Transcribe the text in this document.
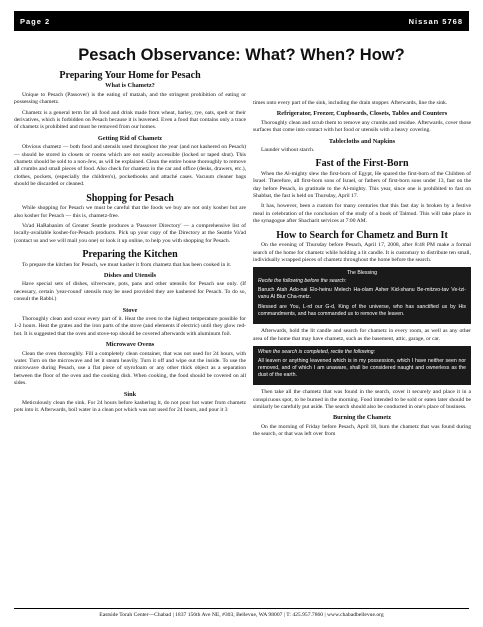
Page 2	Nissan 5768
Pesach Observance: What? When? How?
Preparing Your Home for Pesach
What is Chametz?

Unique to Pesach (Passover) is the eating of matzah, and the stringent prohibition of eating or possessing chametz.

Chametz is a general term for all food and drink made from wheat, barley, rye, oats, spelt or their derivatives, which is forbidden on Pesach because it is leavened. Even a food that contains only a trace of chametz is prohibited and must be removed from our homes.

Getting Rid of Chametz

Obvious chametz — both food and utensils used throughout the year (and not kashered on Pesach) — should be stored in closets or rooms which are not easily accessible (locked or taped shut). This chametz should be sold to a non-Jew, as will be explained. Clean the entire house thoroughly to remove all crumbs and small pieces of food. Also check for chametz in the car and office (desks, drawers, etc.), clothes, pockets, (especially the children's), pocketbooks and attaché cases. Vacuum cleaner bags should be discarded or cleaned.

Shopping for Pesach

While shopping for Pesach we must be careful that the foods we buy are not only kosher but are also kosher for Pesach — this is, chametz-free.

Va'ad HaRabanim of Greater Seattle produces a 'Passover Directory' — a comprehensive list of locally-available kosher-for-Pesach products. Pick up your copy of the Directory at the Seattle Va'ad (contact us and we will mail you one) or look it up online, to help you with shopping for Pesach.

Preparing the Kitchen

To prepare the kitchen for Pesach, we must kasher it from chametz that has been cooked in it.

Dishes and Utensils

Have special sets of dishes, silverware, pots, pans and other utensils for Pesach use only. (If necessary, certain 'year-round' utensils may be used provided they are kashered for Pesach. To do so, consult the Rabbi.)

Stove

Thoroughly clean and scour every part of it. Heat the oven to the highest temperature possible for 1-2 hours. Heat the grates and the iron parts of the stove (and elements if electric) until they glow red-hot. It is suggested that the oven and stove-top should be covered afterwards with aluminum foil.

Microwave Ovens

Clean the oven thoroughly. Fill a completely clean container, that was not used for 24 hours, with water. Turn on the microwave and let it steam heavily. Turn it off and wipe out the inside. To use the microwave during Pesach, use a flat piece of styrofoam or any other thick object as a separation between the floor of the oven and the cooking dish. When cooking, the food should be covered on all sides.

Sink

Meticulously clean the sink. For 24 hours before kashering it, do not pour hot water from chametz pots into it. Afterwards, boil water in a clean pot which was not used for 24 hours, and pour it 3

times onto every part of the sink, including the drain stopper. Afterwards, line the sink.

Refrigerator, Freezer, Cupboards, Closets, Tables and Counters

Thoroughly clean and scrub them to remove any crumbs and residue. Afterwards, cover those surfaces that come into contact with hot food or utensils with a heavy covering.

Tablecloths and Napkins

Launder without starch.

Fast of the First-Born

When the Al-mighty slew the first-born of Egypt, He spared the first-born of the Children of Israel. Therefore, all first-born sons of Israel, or fathers of first-born sons under 13, fast on the day before Pesach, in gratitude to the Al-mighty. This year, since one is prohibited to fast on Shabbat, the fast is held on Thursday, April 17.

It has, however, been a custom for many centuries that this fast day is broken by a festive meal in celebration of the conclusion of the study of a book of Talmud. This will take place in the synagogue after Shacharit services at 7:00 AM.

How to Search for Chametz and Burn It

On the evening of Thursday before Pesach, April 17, 2008, after 8:48 PM make a formal search of the home for chametz while holding a lit candle. It is customary to distribute ten small, individually wrapped pieces of chametz throughout the home before the search.

The Blessing
Recite the following before the search:
Baruch Atah Ado-nai Elo-heinu Melech Ha-olam Asher Kid-shanu Be-mitzvo-tav Ve-tzi-vanu Al Biur Cha-metz.
Blessed are You, L-rd our G-d, King of the universe, who has sanctified us by His commandments, and has commanded us to remove the leaven.

Afterwards, hold the lit candle and search for chametz in every room, as well as any other area of the home that may have chametz, such as the basement, attic, garage, or car.

When the search is completed, recite the following:
All leaven or anything leavened which is in my possession, which I have neither seen nor removed, and of which I am unaware, shall be considered naught and ownerless as the dust of the earth.

Then take all the chametz that was found in the search, cover it securely and place it in a conspicuous spot, to be burned in the morning. Food intended to be sold or eaten later should be similarly be carefully put aside. The search should also be conducted in one's place of business.

Burning the Chametz

On the morning of Friday before Pesach, April 18, burn the chametz that was found during the search, or that was left over from

Eastside Torah Center—Chabad | 1837 156th Ave NE, #303, Bellevue, WA 98007 | T: 425.957.7860 | www.chabadbellevue.org
